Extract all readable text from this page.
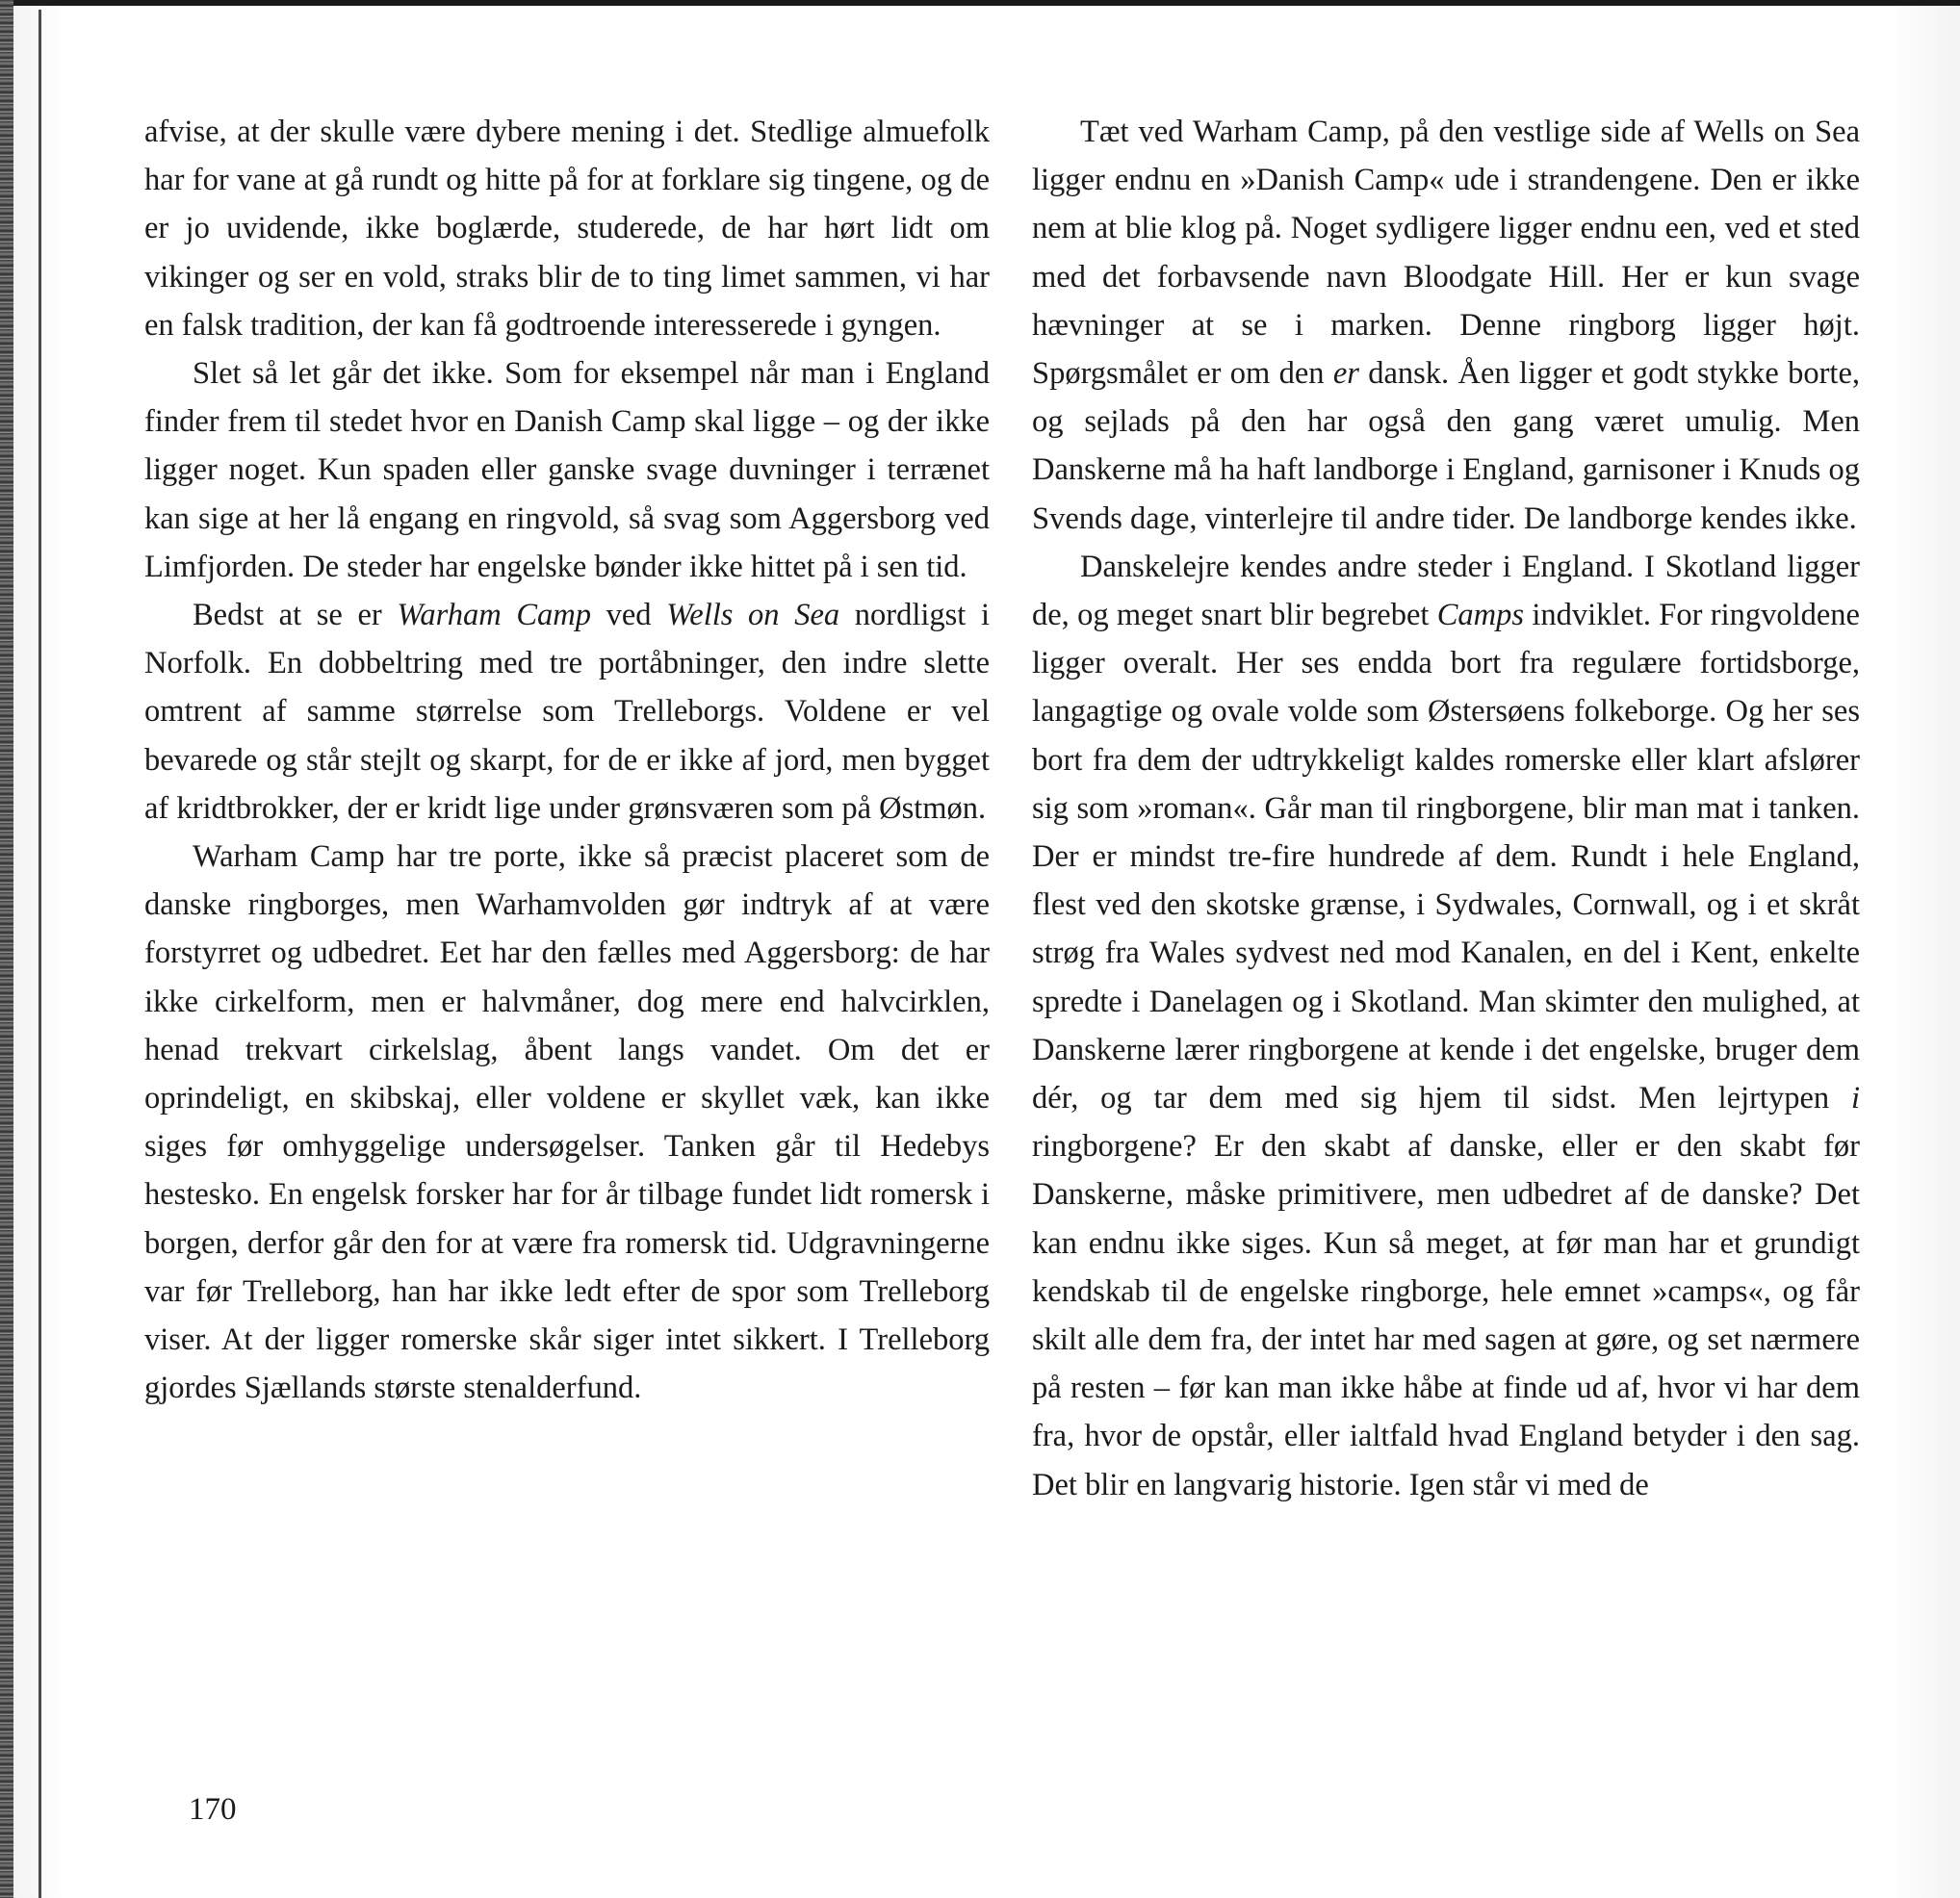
afvise, at der skulle være dybere mening i det. Stedlige almuefolk har for vane at gå rundt og hitte på for at forklare sig tingene, og de er jo uvidende, ikke boglærde, studerede, de har hørt lidt om vikinger og ser en vold, straks blir de to ting limet sammen, vi har en falsk tradition, der kan få godtroende interesserede i gyngen.

Slet så let går det ikke. Som for eksempel når man i England finder frem til stedet hvor en Danish Camp skal ligge – og der ikke ligger noget. Kun spaden eller ganske svage duvninger i terrænet kan sige at her lå engang en ringvold, så svag som Aggersborg ved Limfjorden. De steder har engelske bønder ikke hittet på i sen tid.

Bedst at se er Warham Camp ved Wells on Sea nordligst i Norfolk. En dobbeltring med tre portåbninger, den indre slette omtrent af samme størrelse som Trelleborgs. Voldene er vel bevarede og står stejlt og skarpt, for de er ikke af jord, men bygget af kridtbrokker, der er kridt lige under grønsværen som på Østmøn.

Warham Camp har tre porte, ikke så præcist placeret som de danske ringborges, men Warhamvolden gør indtryk af at være forstyrret og udbedret. Eet har den fælles med Aggersborg: de har ikke cirkelform, men er halvmåner, dog mere end halvcirklen, henad trekvart cirkelslag, åbent langs vandet. Om det er oprindeligt, en skibskaj, eller voldene er skyllet væk, kan ikke siges før omhyggelige undersøgelser. Tanken går til Hedebys hestesko. En engelsk forsker har for år tilbage fundet lidt romersk i borgen, derfor går den for at være fra romersk tid. Udgravningerne var før Trelleborg, han har ikke ledt efter de spor som Trelleborg viser. At der ligger romerske skår siger intet sikkert. I Trelleborg gjordes Sjællands største stenalderfund.

Tæt ved Warham Camp, på den vestlige side af Wells on Sea ligger endnu en »Danish Camp« ude i strandengene. Den er ikke nem at blie klog på. Noget sydligere ligger endnu een, ved et sted med det forbavsende navn Bloodgate Hill. Her er kun svage hævninger at se i marken. Denne ringborg ligger højt. Spørgsmålet er om den er dansk. Åen ligger et godt stykke borte, og sejlads på den har også den gang været umulig. Men Danskerne må ha haft landborge i England, garnisoner i Knuds og Svends dage, vinterlejre til andre tider. De landborge kendes ikke.

Danskelejre kendes andre steder i England. I Skotland ligger de, og meget snart blir begrebet Camps indviklet. For ringvoldene ligger overalt. Her ses endda bort fra regulære fortidsborge, langagtige og ovale volde som Østersøens folkeborge. Og her ses bort fra dem der udtrykkeligt kaldes romerske eller klart afslører sig som »roman«. Går man til ringborgene, blir man mat i tanken. Der er mindst tre-fire hundrede af dem. Rundt i hele England, flest ved den skotske grænse, i Sydwales, Cornwall, og i et skråt strøg fra Wales sydvest ned mod Kanalen, en del i Kent, enkelte spredte i Danelagen og i Skotland. Man skimter den mulighed, at Danskerne lærer ringborgene at kende i det engelske, bruger dem dér, og tar dem med sig hjem til sidst. Men lejrtypen i ringborgene? Er den skabt af danske, eller er den skabt før Danskerne, måske primitivere, men udbedret af de danske? Det kan endnu ikke siges. Kun så meget, at før man har et grundigt kendskab til de engelske ringborge, hele emnet »camps«, og får skilt alle dem fra, der intet har med sagen at gøre, og set nærmere på resten – før kan man ikke håbe at finde ud af, hvor vi har dem fra, hvor de opstår, eller ialtfald hvad England betyder i den sag. Det blir en langvarig historie. Igen står vi med de

170
